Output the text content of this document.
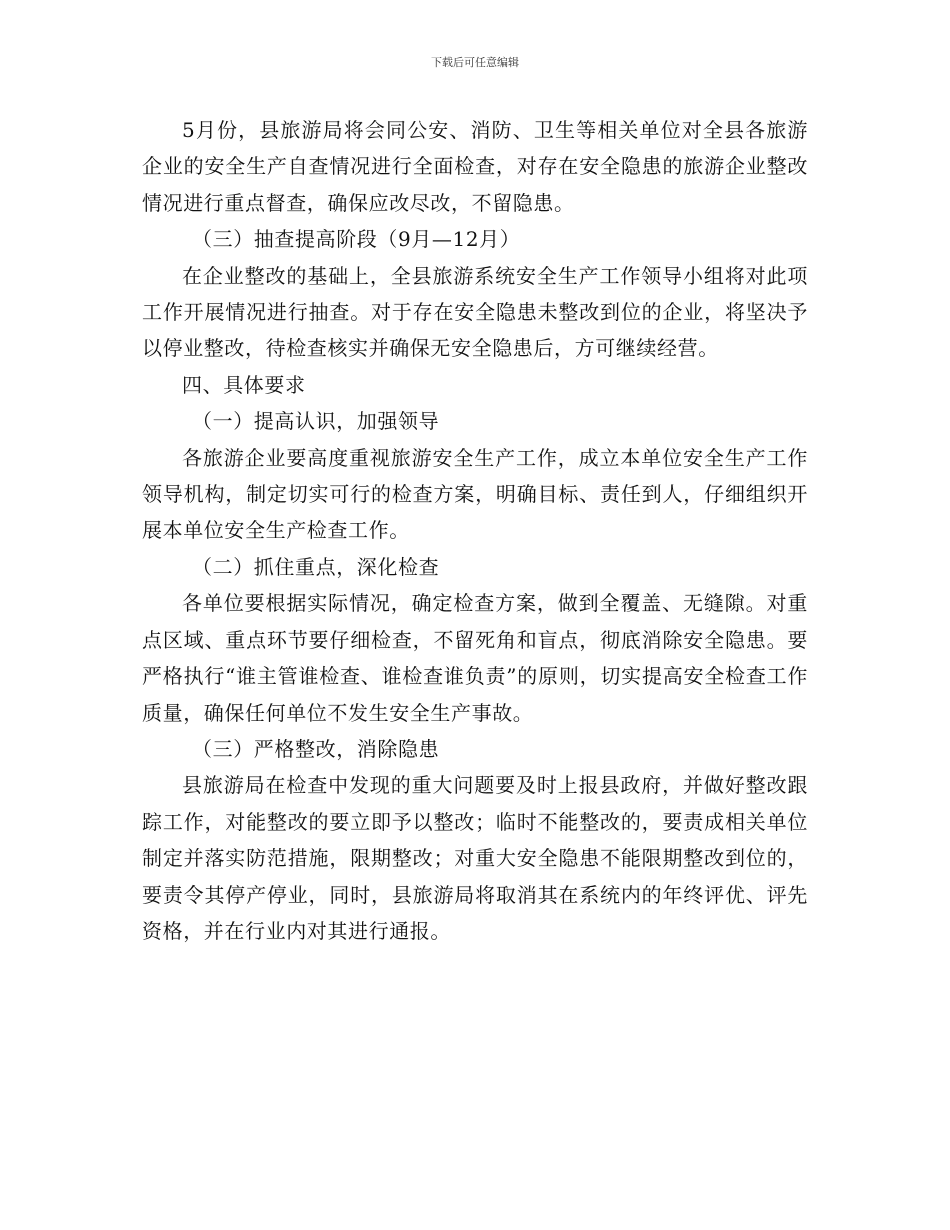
下载后可任意编辑

5月份，县旅游局将会同公安、消防、卫生等相关单位对全县各旅游企业的安全生产自查情况进行全面检查，对存在安全隐患的旅游企业整改情况进行重点督查，确保应改尽改，不留隐患。

（三）抽查提高阶段（9月—12月）

在企业整改的基础上，全县旅游系统安全生产工作领导小组将对此项工作开展情况进行抽查。对于存在安全隐患未整改到位的企业，将坚决予以停业整改，待检查核实并确保无安全隐患后，方可继续经营。

四、具体要求

（一）提高认识，加强领导

各旅游企业要高度重视旅游安全生产工作，成立本单位安全生产工作领导机构，制定切实可行的检查方案，明确目标、责任到人，仔细组织开展本单位安全生产检查工作。

（二）抓住重点，深化检查

各单位要根据实际情况，确定检查方案，做到全覆盖、无缝隙。对重点区域、重点环节要仔细检查，不留死角和盲点，彻底消除安全隐患。要严格执行“谁主管谁检查、谁检查谁负责”的原则，切实提高安全检查工作质量，确保任何单位不发生安全生产事故。

（三）严格整改，消除隐患

县旅游局在检查中发现的重大问题要及时上报县政府，并做好整改跟踪工作，对能整改的要立即予以整改；临时不能整改的，要责成相关单位制定并落实防范措施，限期整改；对重大安全隐患不能限期整改到位的，要责令其停产停业，同时，县旅游局将取消其在系统内的年终评优、评先资格，并在行业内对其进行通报。
